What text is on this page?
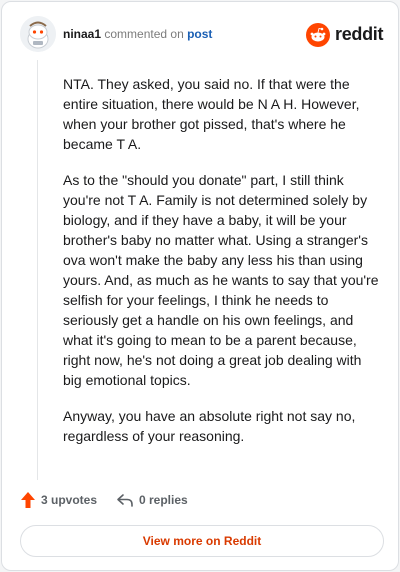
ninaa1 commented on post	reddit

NTA. They asked, you said no. If that were the entire situation, there would be N A H. However, when your brother got pissed, that's where he became T A.

As to the "should you donate" part, I still think you're not T A. Family is not determined solely by biology, and if they have a baby, it will be your brother's baby no matter what. Using a stranger's ova won't make the baby any less his than using yours. And, as much as he wants to say that you're selfish for your feelings, I think he needs to seriously get a handle on his own feelings, and what it's going to mean to be a parent because, right now, he's not doing a great job dealing with big emotional topics.

Anyway, you have an absolute right not say no, regardless of your reasoning.

3 upvotes	0 replies
View more on Reddit
